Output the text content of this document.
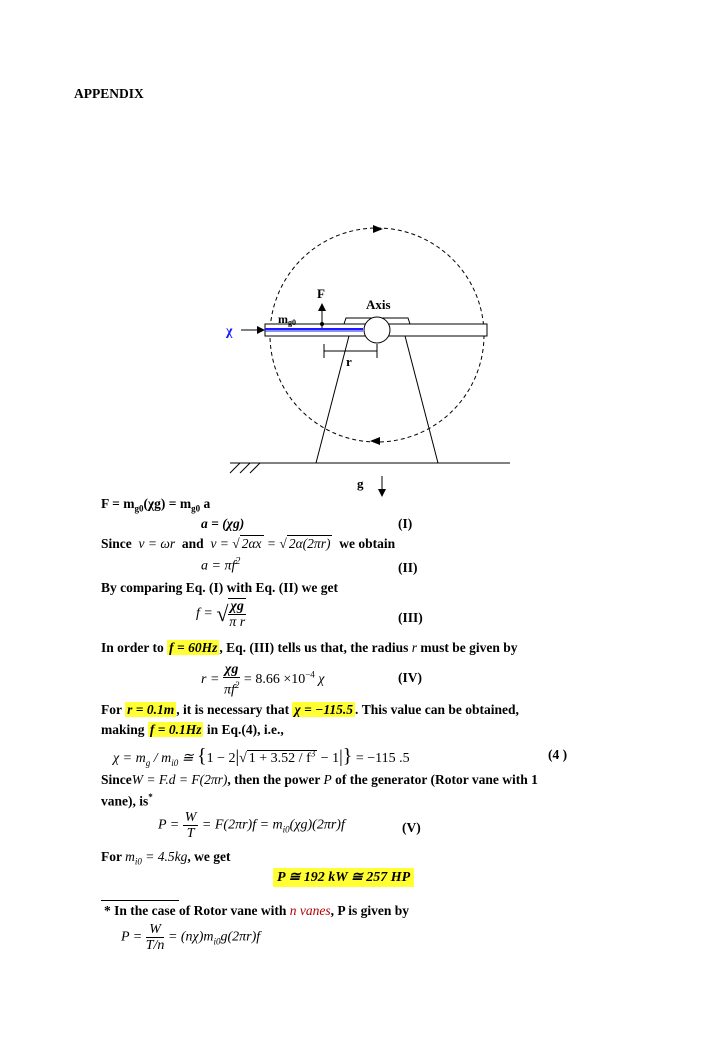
APPENDIX
F
Axis
mg0
χ
r
g
$F = m_{g0}(\chi g) = m_{g0}$ a
a = (χg)	(I)
Since v = ωr and v = √ 2αx = √ 2α(2πr) we obtain
$a = \pi f^2$	(II)
By comparing Eq. (I) with Eq. (II) we get
f = √ $\frac{\chi g}{\text{π r}}$	(III)
In order to f = 60Hz , Eq. (III) tells us that, the radius r must be given by
$r = \frac{\chi g}{\pi f^2} = 8.66 \times 10^{-4}$ χ	(IV)
For r = 0.1m , it is necessary that χ = −115.5 . This value can be obtained,
making f = 0.1Hz in Eq.(4), i.e.,
$\chi = m_g / m_{i0}$ ≅ {1 − 2|√ $1 + 3.52 / f^3 - 1|\} = -115$ .5	(4 )
SinceW = F.d = F(2πr), then the power P of the generator (Rotor vane with 1
vane), is*
$P = \frac{W}{T} = F(2\pi r)f = m_{i0}(\chi g)(2\pi r)f$	(V)
For $m_{i0} = 4.5kg$, we get
P ≅ 192 kW ≅ 257 HP
* In the case of Rotor vane with n vanes, P is given by
$P = \frac{W}{T/n} = (n\chi)m_{i0}g(2\pi r)f$
